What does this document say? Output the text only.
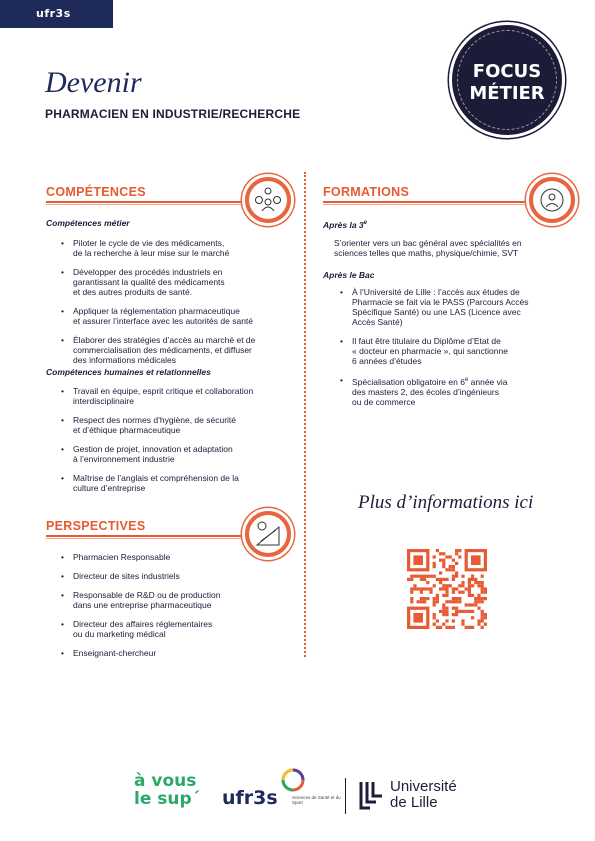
ufr3s
FOCUS
MÉTIER
Devenir
PHARMACIEN EN INDUSTRIE/RECHERCHE
COMPÉTENCES
Compétences métier
• Piloter le cycle de vie des médicaments,
de la recherche à leur mise sur le marché
• Développer des procédés industriels en
garantissant la qualité des médicaments
et des autres produits de santé.
• Appliquer la réglementation pharmaceutique
et assurer l’interface avec les autorités de santé
• Élaborer des stratégies d’accès au marché et de
commercialisation des médicaments, et diffuser
des informations médicales
Compétences humaines et relationnelles
• Travail en équipe, esprit critique et collaboration
interdisciplinaire
• Respect des normes d’hygiène, de sécurité
et d’éthique pharmaceutique
• Gestion de projet, innovation et adaptation
à l’environnement industrie
• Maîtrise de l’anglais et compréhension de la
culture d’entreprise
PERSPECTIVES
• Pharmacien Responsable
• Directeur de sites industriels
• Responsable de R&D ou de production
dans une entreprise pharmaceutique
• Directeur des affaires réglementaires
ou du marketing médical
• Enseignant-chercheur
FORMATIONS
Après la 3e
S’orienter vers un bac général avec spécialités en
sciences telles que maths, physique/chimie, SVT
Après le Bac
• À l’Université de Lille : l’accès aux études de
Pharmacie se fait via le PASS (Parcours Accès
Spécifique Santé) ou une LAS (Licence avec
Accès Santé)
• Il faut être titulaire du Diplôme d’Etat de
« docteur en pharmacie », qui sanctionne
6 années d’études
• Spécialisation obligatoire en 6e année via
des masters 2, des écoles d’ingénieurs
ou de commerce
Plus d’informations ici
à vous
le sup´ ufr3s	Sciences de Santé et du Sport
Université
de Lille
